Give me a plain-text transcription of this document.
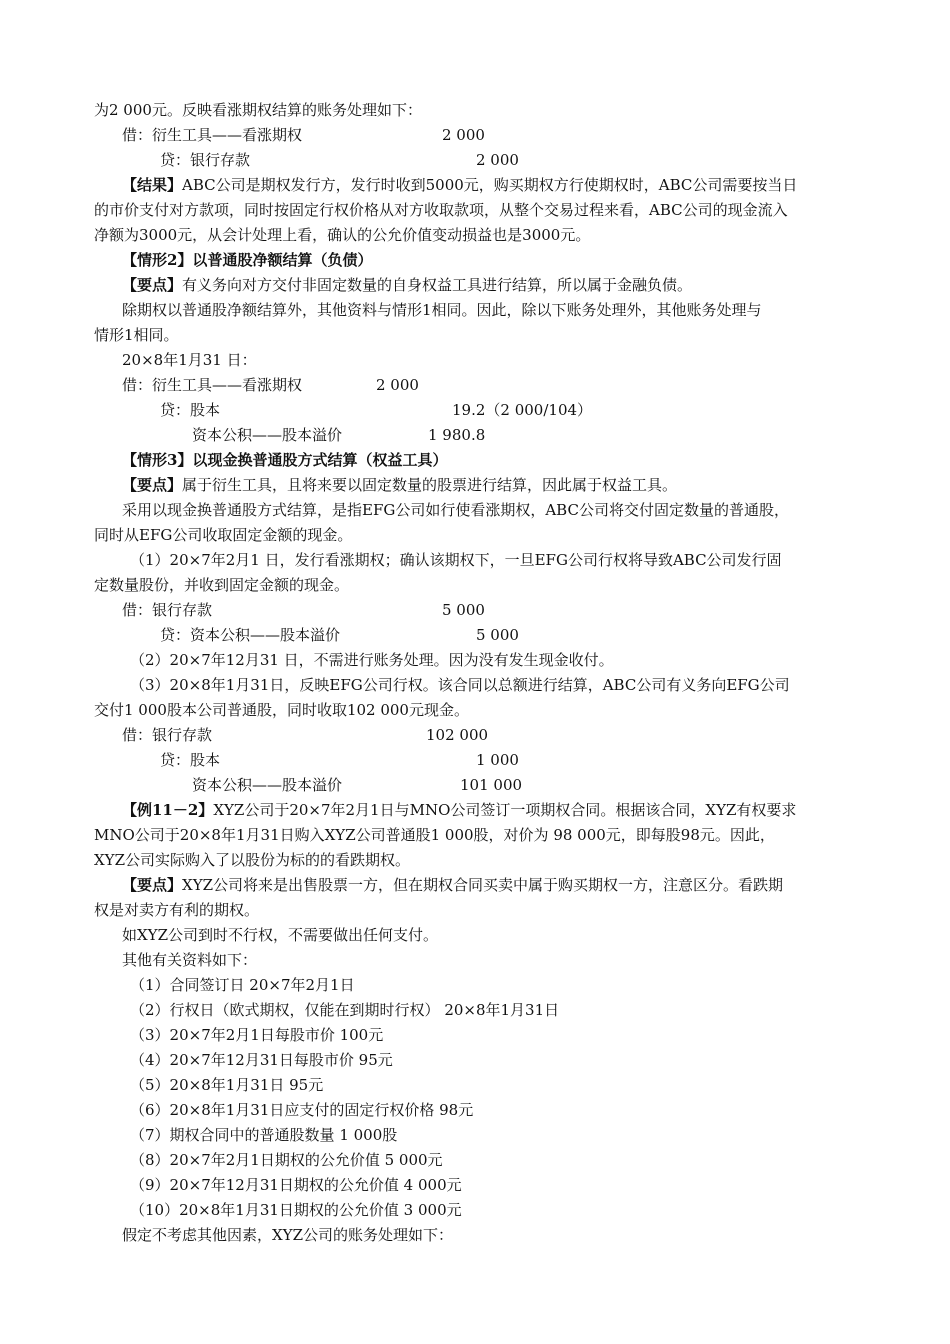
为2 000元。反映看涨期权结算的账务处理如下：
借：衍生工具——看涨期权	2 000
贷：银行存款	2 000
【结果】ABC公司是期权发行方，发行时收到5000元，购买期权方行使期权时，ABC公司需要按当日
的市价支付对方款项，同时按固定行权价格从对方收取款项，从整个交易过程来看，ABC公司的现金流入
净额为3000元，从会计处理上看，确认的公允价值变动损益也是3000元。
【情形2】以普通股净额结算（负债）
【要点】有义务向对方交付非固定数量的自身权益工具进行结算，所以属于金融负债。
除期权以普通股净额结算外，其他资料与情形1相同。因此，除以下账务处理外，其他账务处理与
情形1相同。
20×8年1月31 日：
借：衍生工具——看涨期权	2 000
贷：股本	19.2（2 000/104）
资本公积——股本溢价	1 980.8
【情形3】以现金换普通股方式结算（权益工具）
【要点】属于衍生工具，且将来要以固定数量的股票进行结算，因此属于权益工具。
采用以现金换普通股方式结算，是指EFG公司如行使看涨期权，ABC公司将交付固定数量的普通股，
同时从EFG公司收取固定金额的现金。
（1）20×7年2月1 日，发行看涨期权；确认该期权下，一旦EFG公司行权将导致ABC公司发行固
定数量股份，并收到固定金额的现金。
借：银行存款	5 000
贷：资本公积——股本溢价	5 000
（2）20×7年12月31 日，不需进行账务处理。因为没有发生现金收付。
（3）20×8年1月31日，反映EFG公司行权。该合同以总额进行结算，ABC公司有义务向EFG公司
交付1 000股本公司普通股，同时收取102 000元现金。
借：银行存款	102 000
贷：股本	1 000
资本公积——股本溢价	101 000
【例11－2】XYZ公司于20×7年2月1日与MNO公司签订一项期权合同。根据该合同，XYZ有权要求
MNO公司于20×8年1月31日购入XYZ公司普通股1 000股，对价为 98 000元，即每股98元。因此，
XYZ公司实际购入了以股份为标的的看跌期权。
【要点】XYZ公司将来是出售股票一方，但在期权合同买卖中属于购买期权一方，注意区分。看跌期
权是对卖方有利的期权。
如XYZ公司到时不行权，不需要做出任何支付。
其他有关资料如下：
（1）合同签订日 20×7年2月1日
（2）行权日（欧式期权，仅能在到期时行权） 20×8年1月31日
（3）20×7年2月1日每股市价 100元
（4）20×7年12月31日每股市价 95元
（5）20×8年1月31日 95元
（6）20×8年1月31日应支付的固定行权价格 98元
（7）期权合同中的普通股数量 1 000股
（8）20×7年2月1日期权的公允价值 5 000元
（9）20×7年12月31日期权的公允价值 4 000元
（10）20×8年1月31日期权的公允价值 3 000元
假定不考虑其他因素，XYZ公司的账务处理如下：
